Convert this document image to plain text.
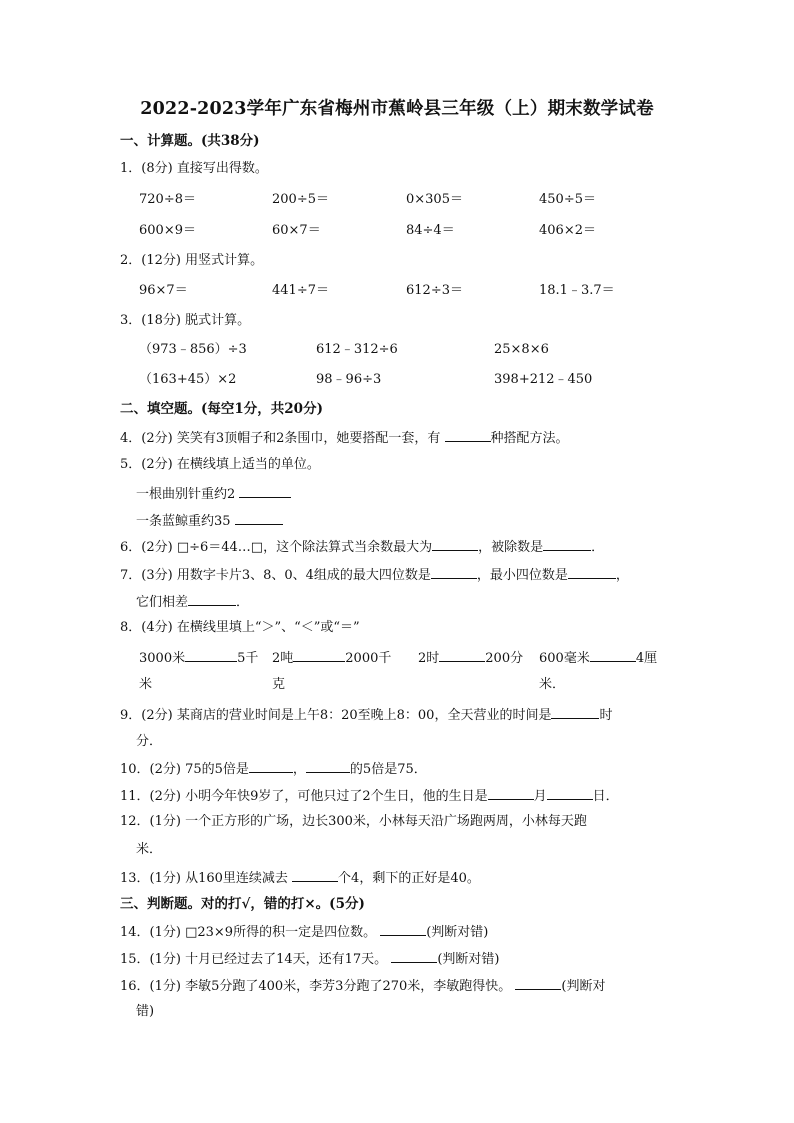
2022-2023学年广东省梅州市蕉岭县三年级（上）期末数学试卷
一、计算题。(共38分)
1．(8分) 直接写出得数。
720÷8＝	200÷5＝	0×305＝	450÷5＝
600×9＝	60×7＝	84÷4＝	406×2＝
2．(12分) 用竖式计算。
96×7＝	441÷7＝	612÷3＝	18.1﹣3.7＝
3．(18分) 脱式计算。
（973﹣856）÷3	612﹣312÷6	25×8×6
（163+45）×2	98﹣96÷3	398+212﹣450
二、填空题。(每空1分，共20分)
4．(2分) 笑笑有3顶帽子和2条围巾，她要搭配一套，有	种搭配方法。
5．(2分) 在横线填上适当的单位。
一根曲别针重约2
一条蓝鲸重约35
6．(2分) □÷6＝44…□，这个除法算式当余数最大为	，被除数是	．
7．(3分) 用数字卡片3、8、0、4组成的最大四位数是	，最小四位数是	，
它们相差	．
8．(4分) 在横线里填上“＞”、“＜”或“＝”
3000米	5千
米
2吨	2000千
克
2时	200分 600毫米	4厘
米．
9．(2分) 某商店的营业时间是上午8：20至晚上8：00，全天营业的时间是	时
分．
10．(2分) 75的5倍是	，	的5倍是75．
11．(2分) 小明今年快9岁了，可他只过了2个生日，他的生日是	月	日．
12．(1分) 一个正方形的广场，边长300米，小林每天沿广场跑两周，小林每天跑
米．
13．(1分) 从160里连续减去	个4，剩下的正好是40。
三、判断题。对的打√，错的打×。(5分)
14．(1分) □23×9所得的积一定是四位数。	(判断对错)
15．(1分) 十月已经过去了14天，还有17天。	(判断对错)
16．(1分) 李敏5分跑了400米，李芳3分跑了270米，李敏跑得快。	(判断对
错)
